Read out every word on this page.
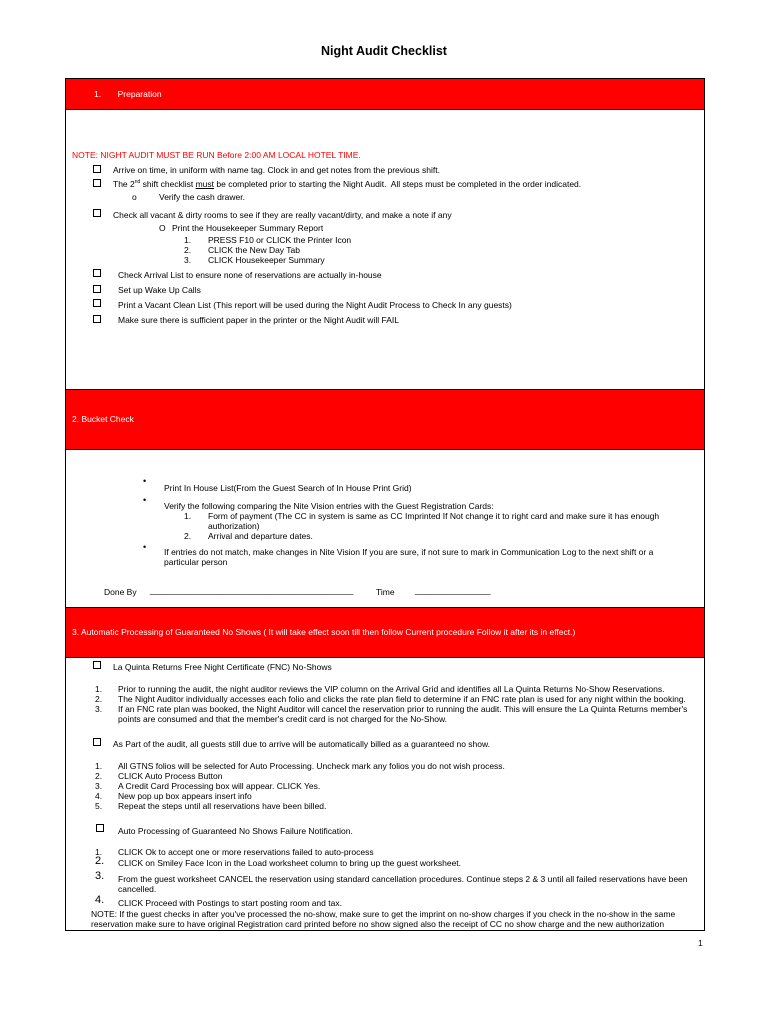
Night Audit Checklist
1.       Preparation
NOTE: NIGHT AUDIT MUST BE RUN Before 2:00 AM LOCAL HOTEL TIME.
Arrive on time, in uniform with name tag. Clock in and get notes from the previous shift.
The 2nd shift checklist must be completed prior to starting the Night Audit.  All steps must be completed in the order indicated.
o	Verify the cash drawer.
Check all vacant & dirty rooms to see if they are really vacant/dirty, and make a note if any
O Print the Housekeeper Summary Report
1. PRESS F10 or CLICK the Printer Icon
2. CLICK the New Day Tab
3. CLICK Housekeeper Summary
Check Arrival List to ensure none of reservations are actually in-house
Set up Wake Up Calls
Print a Vacant Clean List (This report will be used during the Night Audit Process to Check In any guests)
Make sure there is sufficient paper in the printer or the Night Audit will FAIL
2. Bucket Check
•
Print In House List(From the Guest Search of In House Print Grid)
•
Verify the following comparing the Nite Vision entries with the Guest Registration Cards:
1. Form of payment (The CC in system is same as CC Imprinted If Not change it to right card and make sure it has enough authorization)
2. Arrival and departure dates.
• If entries do not match, make changes in Nite Vision If you are sure, if not sure to mark in Communication Log to the next shift or a particular person
Done By ___________________________________________	Time ________________
3. Automatic Processing of Guaranteed No Shows ( It will take effect soon till then follow Current procedure Follow it after its in effect.)
La Quinta Returns Free Night Certificate (FNC) No-Shows
1. Prior to running the audit, the night auditor reviews the VIP column on the Arrival Grid and identifies all La Quinta Returns No-Show Reservations.
2. The Night Auditor individually accesses each folio and clicks the rate plan field to determine if an FNC rate plan is used for any night within the booking.
3. If an FNC rate plan was booked, the Night Auditor will cancel the reservation prior to running the audit. This will ensure the La Quinta Returns member's points are consumed and that the member's credit card is not charged for the No-Show.
As Part of the audit, all guests still due to arrive will be automatically billed as a guaranteed no show.
1. All GTNS folios will be selected for Auto Processing. Uncheck mark any folios you do not wish process.
2. CLICK Auto Process Button
3. A Credit Card Processing box will appear. CLICK Yes.
4. New pop up box appears insert info
5. Repeat the steps until all reservations have been billed.
Auto Processing of Guaranteed No Shows Failure Notification.
1. CLICK Ok to accept one or more reservations failed to auto-process
2. CLICK on Smiley Face Icon in the Load worksheet column to bring up the guest worksheet.
3. From the guest worksheet CANCEL the reservation using standard cancellation procedures. Continue steps 2 & 3 until all failed reservations have been cancelled.
4. CLICK Proceed with Postings to start posting room and tax.
NOTE: If the guest checks in after you've processed the no-show, make sure to get the imprint on no-show charges if you check in the no-show in the same
reservation make sure to have original Registration card printed before no show signed also the receipt of CC no show charge and the new authorization
1
